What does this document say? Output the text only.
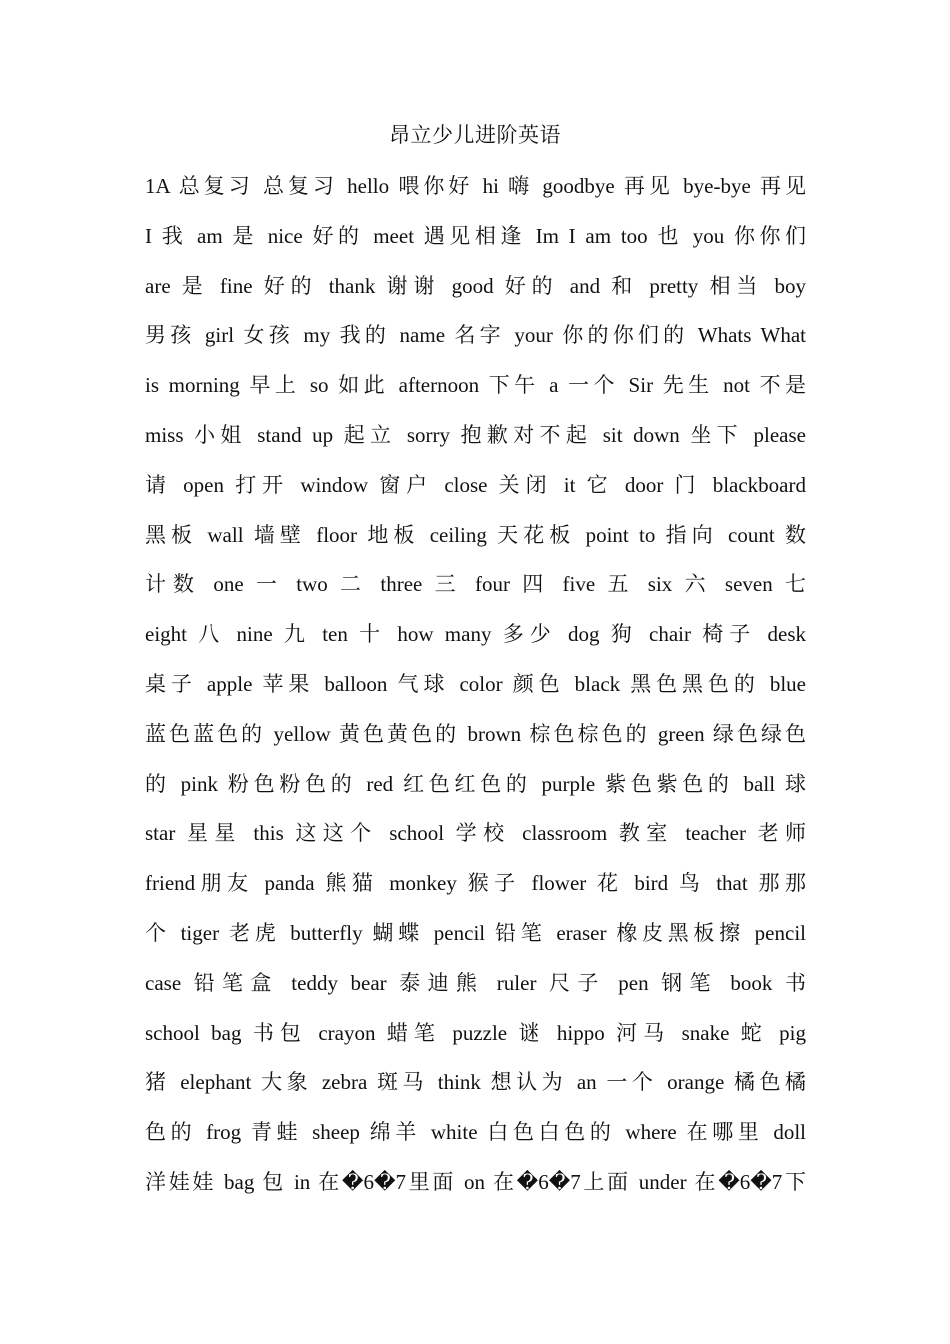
昂立少儿进阶英语
1A 总复习 总复习 hello 喂你好 hi 嗨 goodbye 再见 bye-bye 再见
I 我 am 是 nice 好的 meet 遇见相逢 Im I am too 也 you 你你们
are 是 fine 好的 thank 谢谢 good 好的 and 和 pretty 相当 boy
男孩 girl 女孩 my 我的 name 名字 your 你的你们的 Whats What
is morning 早上 so 如此 afternoon 下午 a 一个 Sir 先生 not 不是
miss 小姐 stand up 起立 sorry 抱歉对不起 sit down 坐下 please
请 open 打开 window 窗户 close 关闭 it 它 door 门 blackboard
黑板 wall 墙壁 floor 地板 ceiling 天花板 point to 指向 count 数
计数 one 一 two 二 three 三 four 四 five 五 six 六 seven 七
eight 八 nine 九 ten 十 how many 多少 dog 狗 chair 椅子 desk
桌子 apple 苹果 balloon 气球 color 颜色 black 黑色黑色的 blue
蓝色蓝色的 yellow 黄色黄色的 brown 棕色棕色的 green 绿色绿色
的 pink 粉色粉色的 red 红色红色的 purple 紫色紫色的 ball 球
star 星星 this 这这个 school 学校 classroom 教室 teacher 老师
friend朋友 panda 熊猫 monkey 猴子 flower 花 bird 鸟 that 那那
个 tiger 老虎 butterfly 蝴蝶 pencil 铅笔 eraser 橡皮黑板擦 pencil
case 铅笔盒 teddy bear 泰迪熊 ruler 尺子 pen 钢笔 book 书
school bag 书包 crayon 蜡笔 puzzle 谜 hippo 河马 snake 蛇 pig
猪 elephant 大象 zebra 斑马 think 想认为 an 一个 orange 橘色橘
色的 frog 青蛙 sheep 绵羊 white 白色白色的 where 在哪里 doll
洋娃娃 bag 包 in 在�6�7里面 on 在�6�7上面 under 在�6�7下
